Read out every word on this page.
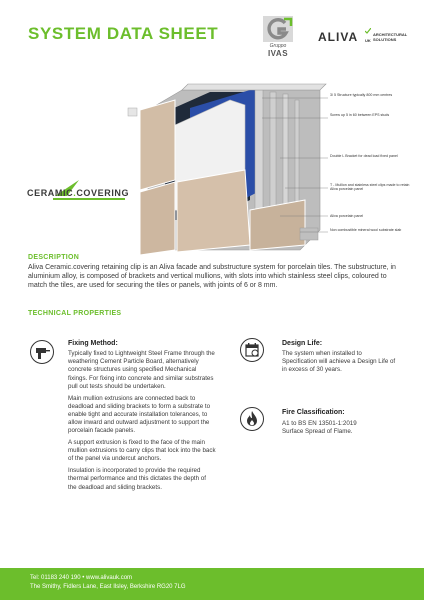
SYSTEM DATA SHEET
Gruppo
IVAS
ALIVA UK
ARCHITECTURAL
SOLUTIONS
3/ 5 Structure typically 800 mm centres
Screw up 5 in 60 between EPS studs
Double L Bracket for dead load fixed panel
T - Mullion and stainless steel clips made to retain Aliva porcelain panel
Aliva porcelain panel
Non combustible mineral wool substrate slab
CERAMIC.COVERING
DESCRIPTION
Aliva Ceramic.covering retaining clip is an Aliva facade and substructure system for porcelain tiles. The substructure, in aluminium alloy, is composed of brackets and vertical mullions, with slots into which stainless steel clips, coloured to match the tiles, are used for securing the tiles or panels, with joints of 6 or 8 mm.
TECHNICAL PROPERTIES
Fixing Method:

Typically fixed to Lightweight Steel Frame through the weathering Cement Particle Board, alternatively concrete structures using specified Mechanical fixings. For fixing into concrete and similar substrates pull out tests should be undertaken.

Main mullion extrusions are connected back to deadload and sliding brackets to form a substrate to enable tight and accurate installation tolerances, to allow inward and outward adjustment to support the porcelain facade panels.

A support extrusion is fixed to the face of the main mullion extrusions to carry clips that lock into the back of the panel via undercut anchors.

Insulation is incorporated to provide the required thermal performance and this dictates the depth of the deadload and sliding brackets.

Design Life:
The system when installed to Specification will achieve a Design Life of in excess of 30 years.
Fire Classification:
A1 to BS EN 13501-1:2019
Surface Spread of Flame.
Tel: 01183 240 190 • www.alivauk.com
The Smithy, Fidlers Lane, East Ilsley, Berkshire RG20 7LG
